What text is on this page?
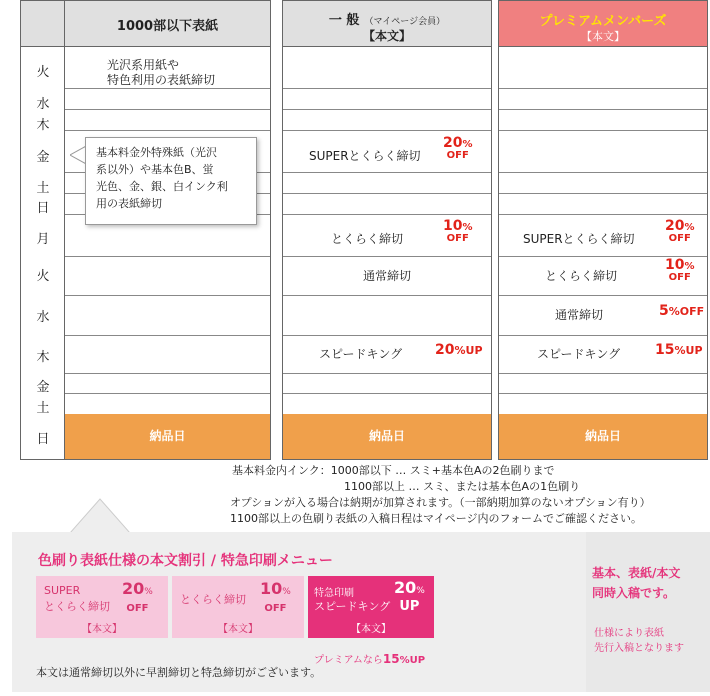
火
水
木
金
土
日
月
火
水
木
金
土
日
1000部以下表紙
光沢系用紙や
特色利用の表紙締切
納品日
一 般 （マイページ会員）
【本文】
SUPERとくらく締切
20%
OFF
とくらく締切
10%
OFF
通常締切
スピードキング 20%UP
納品日
プレミアムメンバーズ
【本文】
SUPERとくらく締切
20%
OFF
とくらく締切
10%
OFF
通常締切	5%OFF
スピードキング 15%UP
納品日
基本料金外特殊紙（光沢
系以外）や基本色B、蛍
光色、金、銀、白インク利
用の表紙締切
基本料金内インク：1000部以下 … スミ+基本色Aの2色刷りまで
1100部以上 … スミ、または基本色Aの1色刷り
オプションが入る場合は納期が加算されます。（一部納期加算のないオプション有り）
1100部以上の色刷り表紙の入稿日程はマイページ内のフォームでご確認ください。
色刷り表紙仕様の本文割引 / 特急印刷メニュー
SUPER
とくらく締切
20%
OFF
【本文】
とくらく締切
10%
OFF
【本文】
特急印刷
スピードキング
20%
UP
【本文】
プレミアムなら15%UP
本文は通常締切以外に早割締切と特急締切がございます。
基本、表紙/本文
同時入稿です。
仕様により表紙
先行入稿となります
